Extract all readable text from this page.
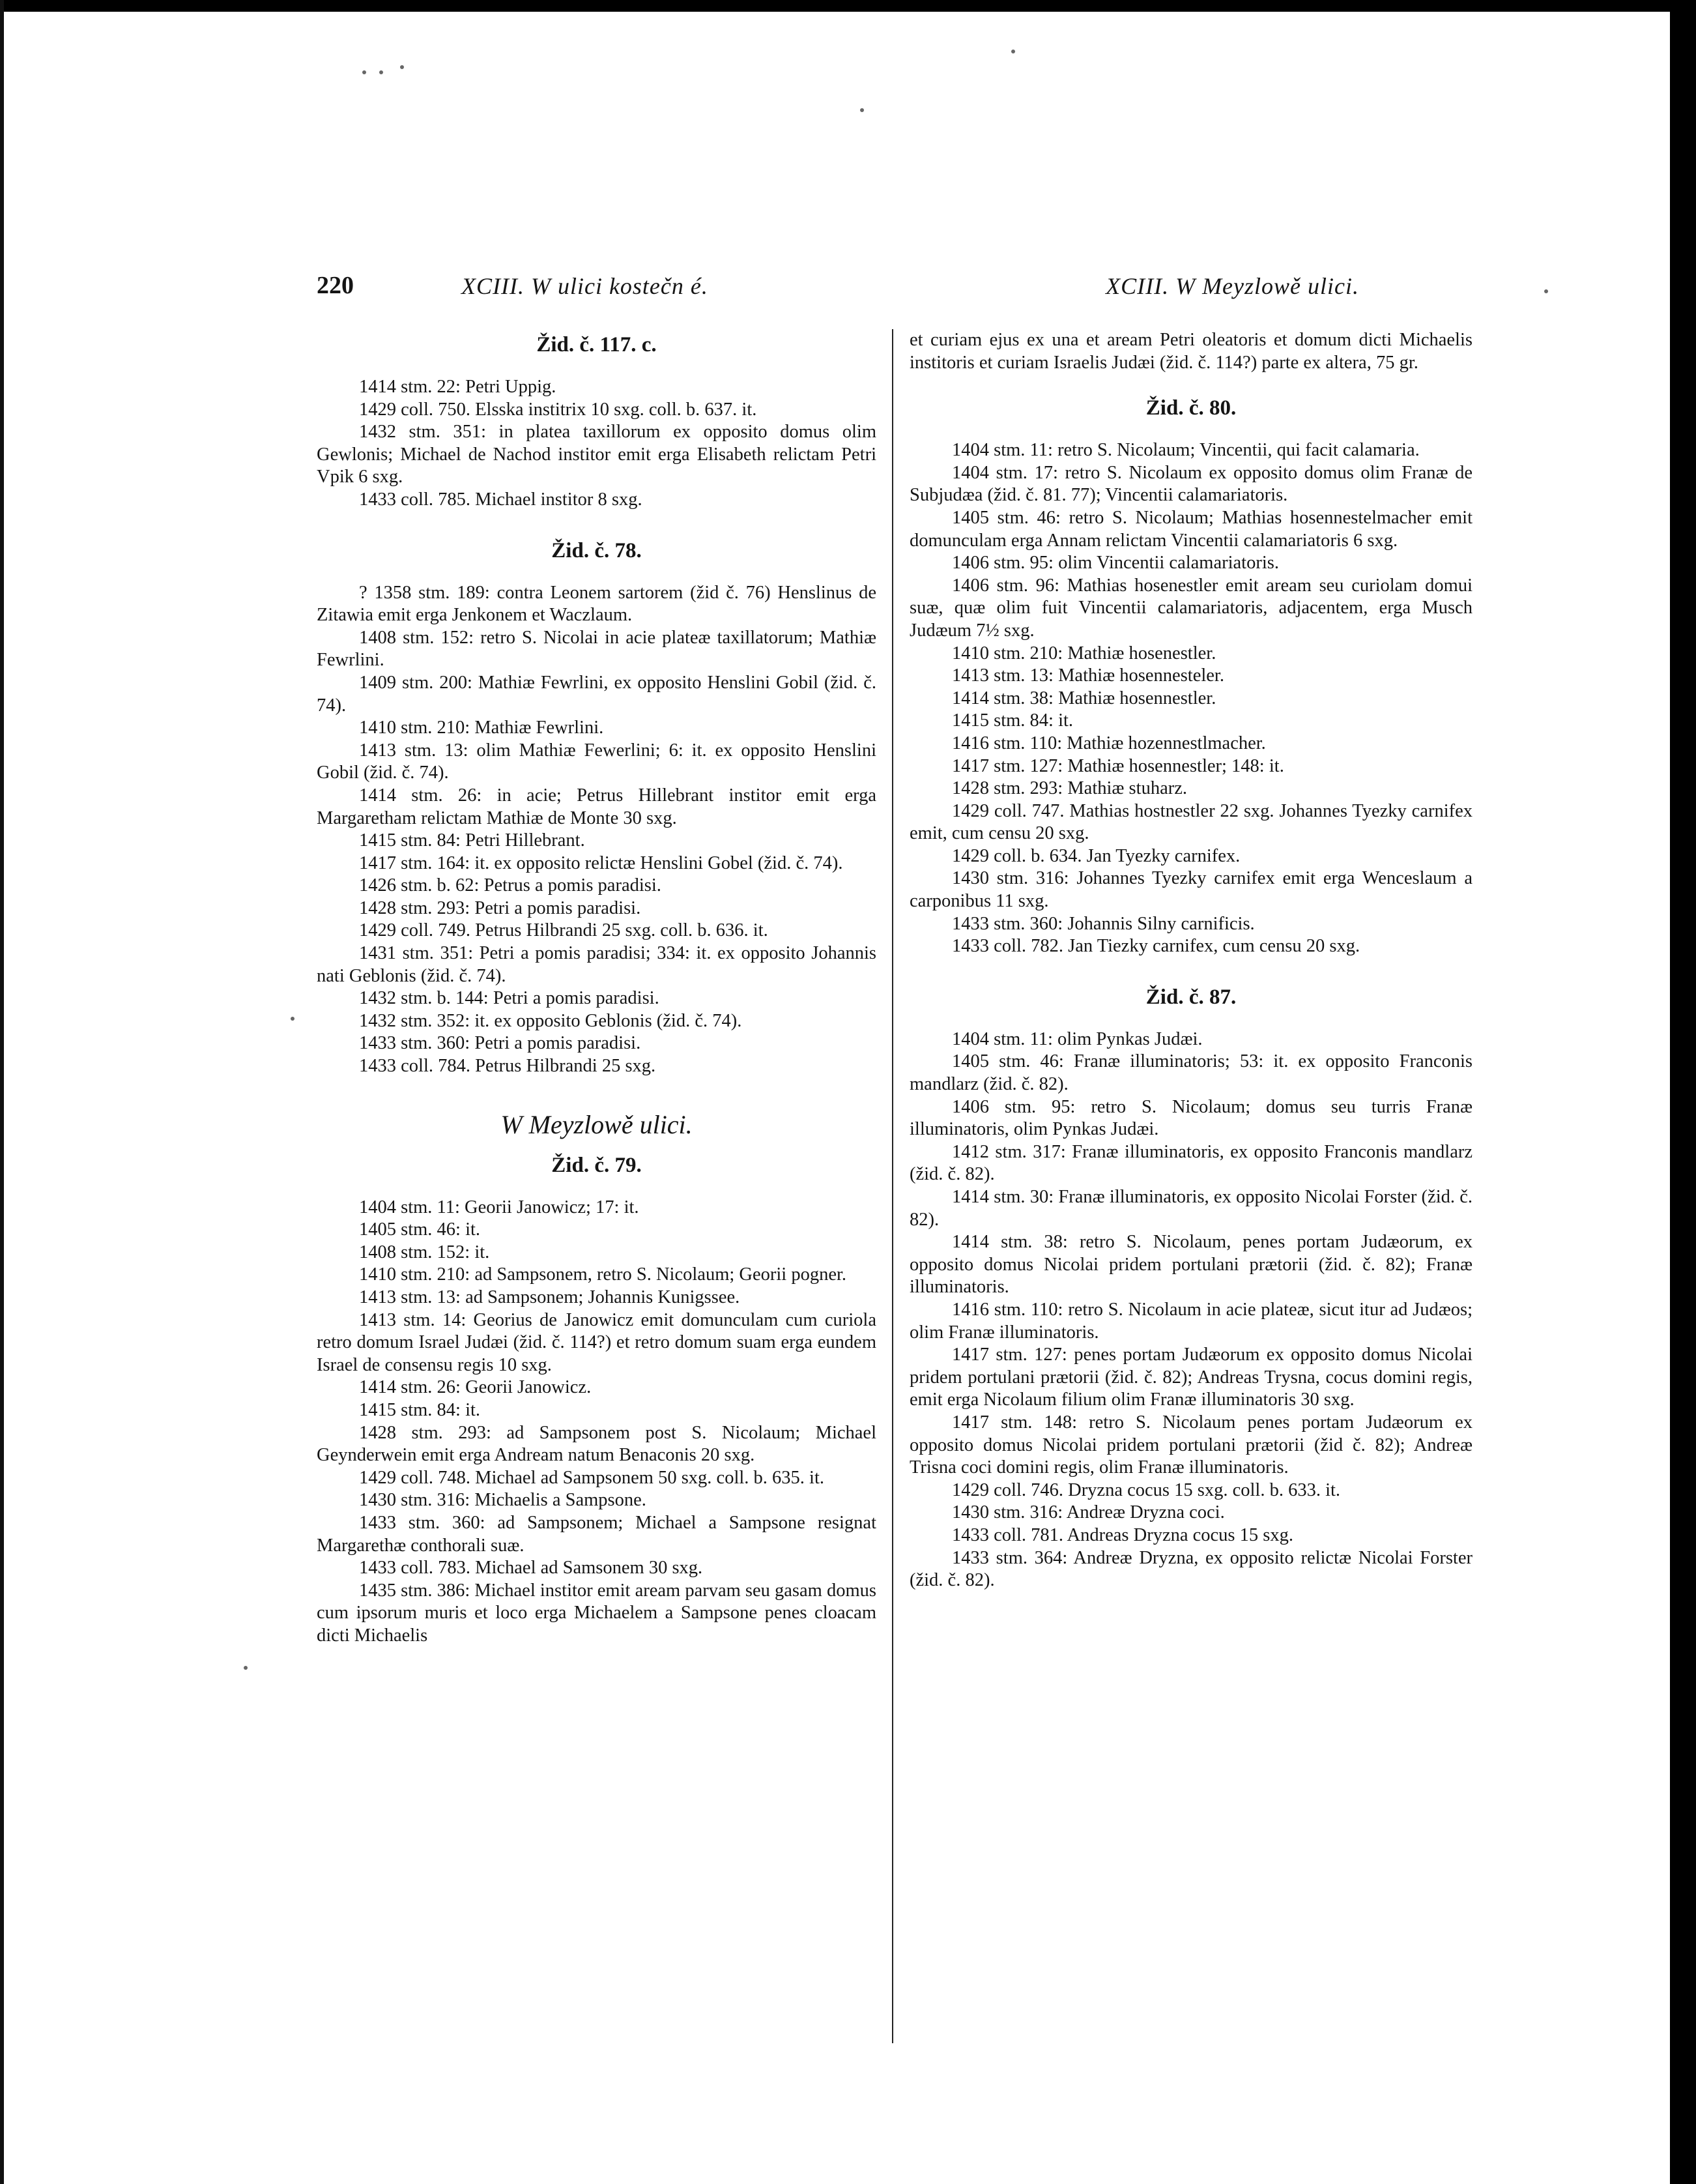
220	XCIII. W ulici kostečn é.	XCIII. W Meyzlowě ulici.
Žid. č. 117. c.

1414 stm. 22: Petri Uppig.

1429 coll. 750. Elsska institrix 10 sxg. coll. b. 637. it.

1432 stm. 351: in platea taxillorum ex opposito domus olim Gewlonis; Michael de Nachod institor emit erga Elisabeth relictam Petri Vpik 6 sxg.

1433 coll. 785. Michael institor 8 sxg.

Žid. č. 78.

? 1358 stm. 189: contra Leonem sartorem (žid č. 76) Henslinus de Zitawia emit erga Jenkonem et Waczlaum.

1408 stm. 152: retro S. Nicolai in acie plateæ taxillatorum; Mathiæ Fewrlini.

1409 stm. 200: Mathiæ Fewrlini, ex opposito Henslini Gobil (žid. č. 74).

1410 stm. 210: Mathiæ Fewrlini.

1413 stm. 13: olim Mathiæ Fewerlini; 6: it. ex opposito Henslini Gobil (žid. č. 74).

1414 stm. 26: in acie; Petrus Hillebrant institor emit erga Margaretham relictam Mathiæ de Monte 30 sxg.

1415 stm. 84: Petri Hillebrant.

1417 stm. 164: it. ex opposito relictæ Henslini Gobel (žid. č. 74).

1426 stm. b. 62: Petrus a pomis paradisi.

1428 stm. 293: Petri a pomis paradisi.

1429 coll. 749. Petrus Hilbrandi 25 sxg. coll. b. 636. it.

1431 stm. 351: Petri a pomis paradisi; 334: it. ex opposito Johannis nati Geblonis (žid. č. 74).

1432 stm. b. 144: Petri a pomis paradisi.

1432 stm. 352: it. ex opposito Geblonis (žid. č. 74).

1433 stm. 360: Petri a pomis paradisi.

1433 coll. 784. Petrus Hilbrandi 25 sxg.

W Meyzlowě ulici.
Žid. č. 79.

1404 stm. 11: Georii Janowicz; 17: it.

1405 stm. 46: it.

1408 stm. 152: it.

1410 stm. 210: ad Sampsonem, retro S. Nicolaum; Georii pogner.

1413 stm. 13: ad Sampsonem; Johannis Kunigssee.

1413 stm. 14: Georius de Janowicz emit domunculam cum curiola retro domum Israel Judæi (žid. č. 114?) et retro domum suam erga eundem Israel de consensu regis 10 sxg.

1414 stm. 26: Georii Janowicz.

1415 stm. 84: it.

1428 stm. 293: ad Sampsonem post S. Nicolaum; Michael Geynderwein emit erga Andream natum Benaconis 20 sxg.

1429 coll. 748. Michael ad Sampsonem 50 sxg. coll. b. 635. it.

1430 stm. 316: Michaelis a Sampsone.

1433 stm. 360: ad Sampsonem; Michael a Sampsone resignat Margarethæ conthorali suæ.

1433 coll. 783. Michael ad Samsonem 30 sxg.

1435 stm. 386: Michael institor emit aream parvam seu gasam domus cum ipsorum muris et loco erga Michaelem a Sampsone penes cloacam dicti Michaelis

et curiam ejus ex una et aream Petri oleatoris et domum dicti Michaelis institoris et curiam Israelis Judæi (žid. č. 114?) parte ex altera, 75 gr.

Žid. č. 80.

1404 stm. 11: retro S. Nicolaum; Vincentii, qui facit calamaria.

1404 stm. 17: retro S. Nicolaum ex opposito domus olim Franæ de Subjudæa (žid. č. 81. 77); Vincentii calamariatoris.

1405 stm. 46: retro S. Nicolaum; Mathias hosennestelmacher emit domunculam erga Annam relictam Vincentii calamariatoris 6 sxg.

1406 stm. 95: olim Vincentii calamariatoris.

1406 stm. 96: Mathias hosenestler emit aream seu curiolam domui suæ, quæ olim fuit Vincentii calamariatoris, adjacentem, erga Musch Judæum 7½ sxg.

1410 stm. 210: Mathiæ hosenestler.

1413 stm. 13: Mathiæ hosennesteler.

1414 stm. 38: Mathiæ hosennestler.

1415 stm. 84: it.

1416 stm. 110: Mathiæ hozennestlmacher.

1417 stm. 127: Mathiæ hosennestler; 148: it.

1428 stm. 293: Mathiæ stuharz.

1429 coll. 747. Mathias hostnestler 22 sxg. Johannes Tyezky carnifex emit, cum censu 20 sxg.

1429 coll. b. 634. Jan Tyezky carnifex.

1430 stm. 316: Johannes Tyezky carnifex emit erga Wenceslaum a carponibus 11 sxg.

1433 stm. 360: Johannis Silny carnificis.

1433 coll. 782. Jan Tiezky carnifex, cum censu 20 sxg.

Žid. č. 87.

1404 stm. 11: olim Pynkas Judæi.

1405 stm. 46: Franæ illuminatoris; 53: it. ex opposito Franconis mandlarz (žid. č. 82).

1406 stm. 95: retro S. Nicolaum; domus seu turris Franæ illuminatoris, olim Pynkas Judæi.

1412 stm. 317: Franæ illuminatoris, ex opposito Franconis mandlarz (žid. č. 82).

1414 stm. 30: Franæ illuminatoris, ex opposito Nicolai Forster (žid. č. 82).

1414 stm. 38: retro S. Nicolaum, penes portam Judæorum, ex opposito domus Nicolai pridem portulani prætorii (žid. č. 82); Franæ illuminatoris.

1416 stm. 110: retro S. Nicolaum in acie plateæ, sicut itur ad Judæos; olim Franæ illuminatoris.

1417 stm. 127: penes portam Judæorum ex opposito domus Nicolai pridem portulani prætorii (žid. č. 82); Andreas Trysna, cocus domini regis, emit erga Nicolaum filium olim Franæ illuminatoris 30 sxg.

1417 stm. 148: retro S. Nicolaum penes portam Judæorum ex opposito domus Nicolai pridem portulani prætorii (žid č. 82); Andreæ Trisna coci domini regis, olim Franæ illuminatoris.

1429 coll. 746. Dryzna cocus 15 sxg. coll. b. 633. it.

1430 stm. 316: Andreæ Dryzna coci.

1433 coll. 781. Andreas Dryzna cocus 15 sxg.

1433 stm. 364: Andreæ Dryzna, ex opposito relictæ Nicolai Forster (žid. č. 82).
